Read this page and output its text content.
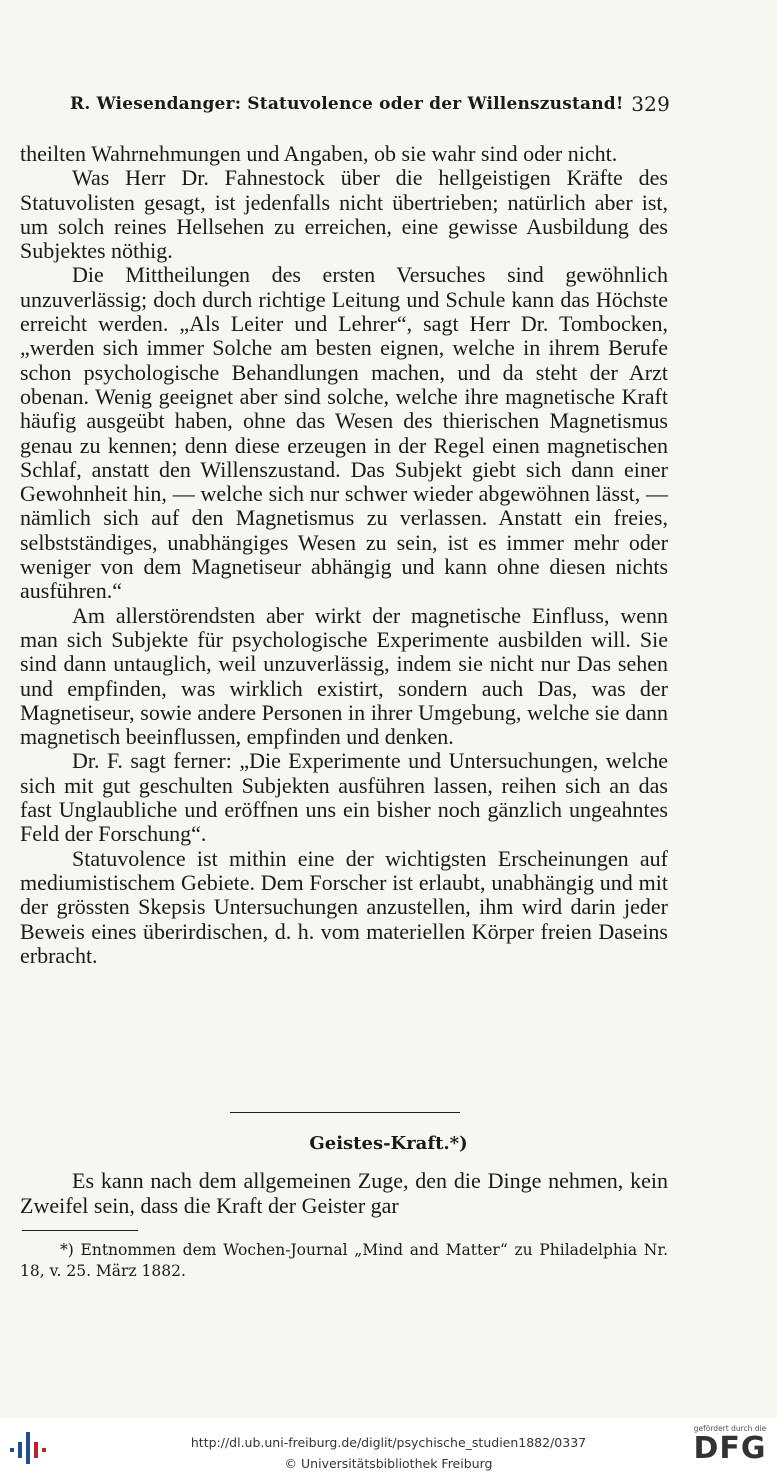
R. Wiesendanger: Statuvolence oder der Willenszustand! 329

theilten Wahrnehmungen und Angaben, ob sie wahr sind oder nicht.

Was Herr Dr. Fahnestock über die hellgeistigen Kräfte des Statuvolisten gesagt, ist jedenfalls nicht übertrieben; natürlich aber ist, um solch reines Hellsehen zu erreichen, eine gewisse Ausbildung des Subjektes nöthig.

Die Mittheilungen des ersten Versuches sind gewöhnlich unzuverlässig; doch durch richtige Leitung und Schule kann das Höchste erreicht werden. „Als Leiter und Lehrer“, sagt Herr Dr. Tombocken, „werden sich immer Solche am besten eignen, welche in ihrem Berufe schon psychologische Behandlungen machen, und da steht der Arzt obenan. Wenig geeignet aber sind solche, welche ihre magnetische Kraft häufig ausgeübt haben, ohne das Wesen des thierischen Magnetismus genau zu kennen; denn diese erzeugen in der Regel einen magnetischen Schlaf, anstatt den Willenszustand. Das Subjekt giebt sich dann einer Gewohnheit hin, — welche sich nur schwer wieder abgewöhnen lässt, — nämlich sich auf den Magnetismus zu verlassen. Anstatt ein freies, selbstständiges, unabhängiges Wesen zu sein, ist es immer mehr oder weniger von dem Magnetiseur abhängig und kann ohne diesen nichts ausführen.“

Am allerstörendsten aber wirkt der magnetische Einfluss, wenn man sich Subjekte für psychologische Experimente ausbilden will. Sie sind dann untauglich, weil unzuverlässig, indem sie nicht nur Das sehen und empfinden, was wirklich existirt, sondern auch Das, was der Magnetiseur, sowie andere Personen in ihrer Umgebung, welche sie dann magnetisch beeinflussen, empfinden und denken.

Dr. F. sagt ferner: „Die Experimente und Untersuchungen, welche sich mit gut geschulten Subjekten ausführen lassen, reihen sich an das fast Unglaubliche und eröffnen uns ein bisher noch gänzlich ungeahntes Feld der Forschung“.

Statuvolence ist mithin eine der wichtigsten Erscheinungen auf mediumistischem Gebiete. Dem Forscher ist erlaubt, unabhängig und mit der grössten Skepsis Untersuchungen anzustellen, ihm wird darin jeder Beweis eines überirdischen, d. h. vom materiellen Körper freien Daseins erbracht.

Geistes-Kraft.*)

Es kann nach dem allgemeinen Zuge, den die Dinge nehmen, kein Zweifel sein, dass die Kraft der Geister gar

*) Entnommen dem Wochen-Journal „Mind and Matter“ zu Philadelphia Nr. 18, v. 25. März 1882.
http://dl.ub.uni-freiburg.de/diglit/psychische_studien1882/0337
© Universitätsbibliothek Freiburg
gefördert durch die
DFG
